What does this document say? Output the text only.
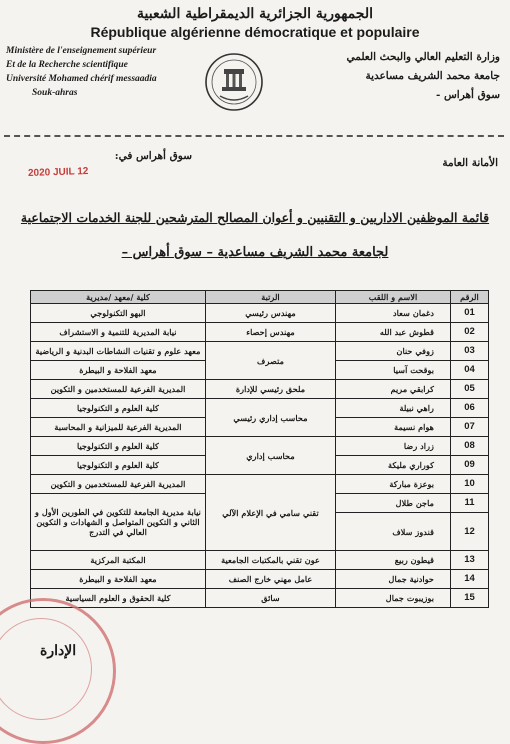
الجمهورية الجزائرية الديمقراطية الشعبية
République algérienne démocratique et populaire
Ministère de l'enseignement supérieur
Et de la Recherche scientifique
Université Mohamed chérif messaadia
Souk-ahras
وزارة التعليم العالي والبحث العلمي
جامعة محمد الشريف مساعدية
سوق أهراس -
الأمانة العامة
سوق أهراس في:
2020 JUIL 12
قائمة الموظفين الاداريين و التقنيين و أعوان المصالح المترشحين للجنة الخدمات الاجتماعية
لجامعة محمد الشريف مساعدية – سوق أهراس –
الرقم	الاسم و اللقب	الرتبة	كلية /معهد /مديرية
01	دغمان سعاد	مهندس رئيسي	البهو التكنولوجي
02	قطوش عبد الله	مهندس إحصاء	نيابة المديرية للتنمية و الاستشراف
03	زوفي حنان	متصرف	معهد علوم و تقنيات النشاطات البدنية و الرياضية
04	بوقحت آسيا		معهد الفلاحة و البيطرة
05	كرابقي مريم	ملحق رئيسي للإدارة	المديرية الفرعية للمستخدمين و التكوين
06	راهي نبيلة	محاسب إداري رئيسي	كلية العلوم و التكنولوجيا
07	هوام نسيمة		المديرية الفرعية للميزانية و المحاسبة
08	زراد رضا	محاسب إداري	كلية العلوم و التكنولوجيا
09	كوراري مليكة		كلية العلوم و التكنولوجيا
10	بوعزة مباركة	تقني سامي في الإعلام الآلي	المديرية الفرعية للمستخدمين و التكوين
11	ماجن طلال		نيابة مديرية الجامعة للتكوين في الطورين الأول و الثاني و التكوين المتواصل و الشهادات و التكوين العالي في التدرج
12	قندوز سلاف		
13	قيطون ربيع	عون تقني بالمكتبات الجامعية	المكتبة المركزية
14	حوادنية جمال	عامل مهني خارج الصنف	معهد الفلاحة و البيطرة
15	بوزيبوت جمال	سائق	كلية الحقوق و العلوم السياسية
الإدارة
